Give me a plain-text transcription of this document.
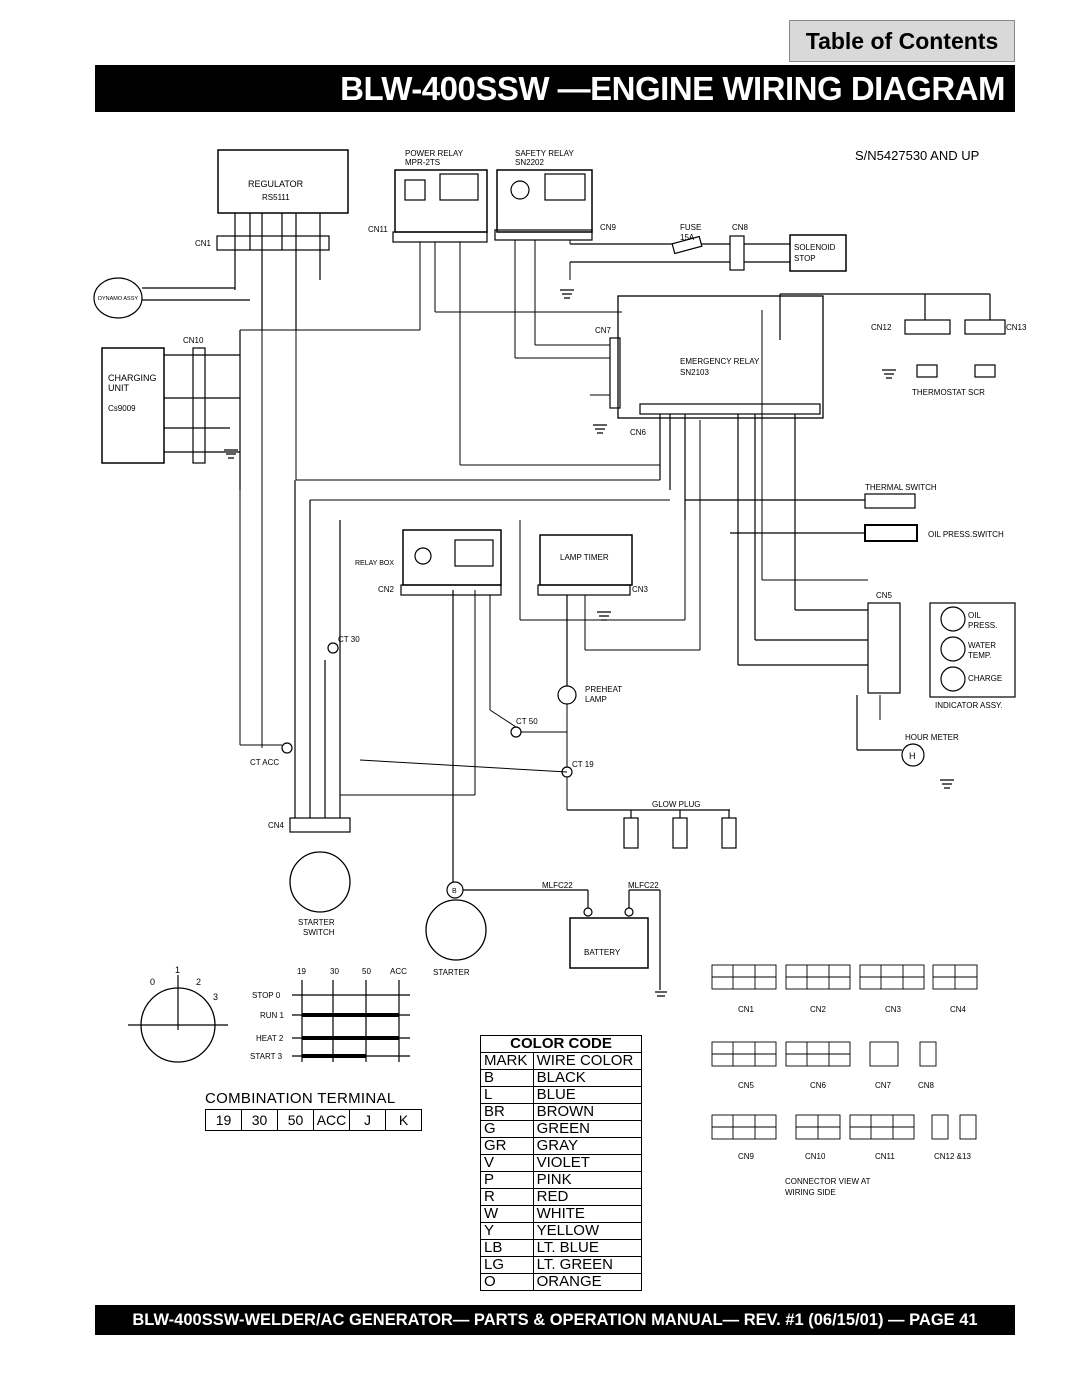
Table of Contents
BLW-400SSW —ENGINE WIRING DIAGRAM
S/N5427530 AND UP
REGULATOR
RS5111
CN1
DYNAMO ASSY
POWER RELAY
MPR-2TS
CN11
SAFETY RELAY
SN2202
CN9	FUSE
15A
CN8
SOLENOID
STOP
CHARGING
UNIT
Cs9009
CN10
CN7
EMERGENCY RELAY
SN2103
CN6
CN12	CN13
THERMOSTAT SCR
THERMAL SWITCH
OIL PRESS.SWITCH
RELAY BOX
CN2
LAMP TIMER
CN3
CN5
OIL
PRESS.
WATER
TEMP.
CHARGE
INDICATOR ASSY.
HOUR METER
H
PREHEAT
LAMP
GLOW PLUG
CT 30
CT 50
CT 19
CT ACC
CN4
STARTER
SWITCH
B
STARTER
MLFC22	MLFC22
BATTERY
0
1
2
3
19	30	50 ACC
STOP 0
RUN 1
HEAT 2
START 3
CN1	CN2	CN3	CN4
CN5	CN6	CN7	CN8
CN9	CN10	CN11	CN12 &13
CONNECTOR VIEW AT
WIRING SIDE
COMBINATION TERMINAL
19	30	50	ACC	J	K
COLOR CODE	
MARK	WIRE COLOR
B	BLACK
L	BLUE
BR	BROWN
G	GREEN
GR	GRAY
V	VIOLET
P	PINK
R	RED
W	WHITE
Y	YELLOW
LB	LT. BLUE
LG	LT. GREEN
O	ORANGE
BLW-400SSW-WELDER/AC GENERATOR— PARTS & OPERATION MANUAL— REV. #1 (06/15/01) — PAGE 41
